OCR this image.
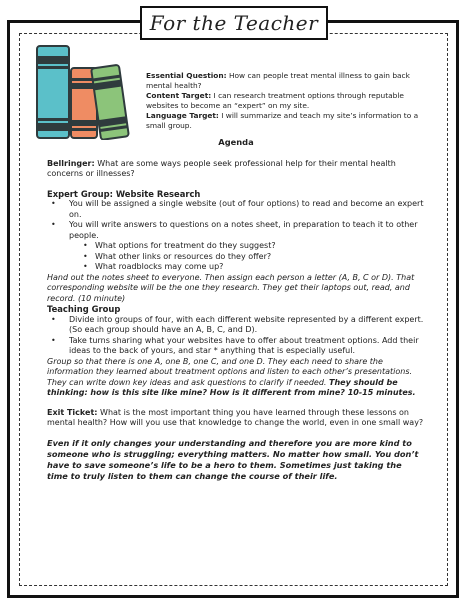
For the Teacher

Essential Question: How can people treat mental illness to gain back mental health?

Content Target: I can research treatment options through reputable websites to become an “expert” on my site.

Language Target: I will summarize and teach my site’s information to a small group.

Agenda

Bellringer: What are some ways people seek professional help for their mental health concerns or illnesses?

Expert Group: Website Research

• You will be assigned a single website (out of four options) to read and become an expert on.
• You will write answers to questions on a notes sheet, in preparation to teach it to other people.
• What options for treatment do they suggest?
• What other links or resources do they offer?
• What roadblocks may come up?

Hand out the notes sheet to everyone. Then assign each person a letter (A, B, C or D). That corresponding website will be the one they research. They get their laptops out, read, and record. (10 minute)

Teaching Group

• Divide into groups of four, with each different website represented by a different expert. (So each group should have an A, B, C, and D).
• Take turns sharing what your websites have to offer about treatment options. Add their ideas to the back of yours, and star * anything that is especially useful.

Group so that there is one A, one B, one C, and one D. They each need to share the information they learned about treatment options and listen to each other’s presentations. They can write down key ideas and ask questions to clarify if needed. They should be thinking: how is this site like mine? How is it different from mine? 10-15 minutes.

Exit Ticket: What is the most important thing you have learned through these lessons on mental health? How will you use that knowledge to change the world, even in one small way?

Even if it only changes your understanding and therefore you are more kind to someone who is struggling; everything matters. No matter how small. You don’t have to save someone’s life to be a hero to them. Sometimes just taking the time to truly listen to them can change the course of their life.
